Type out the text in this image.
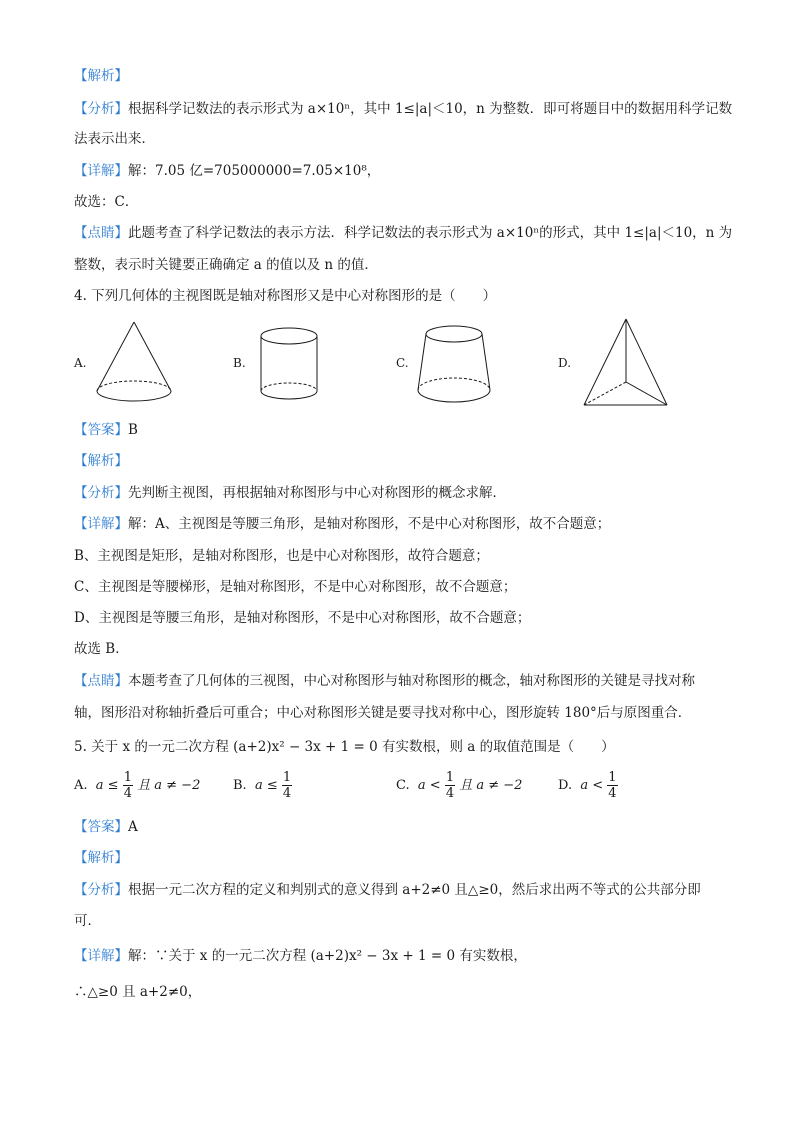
【解析】
【分析】根据科学记数法的表示形式为 a×10ⁿ，其中 1≤|a|＜10，n 为整数．即可将题目中的数据用科学记数
法表示出来．
【详解】解：7.05 亿=705000000=7.05×10⁸，
故选：C．
【点睛】此题考查了科学记数法的表示方法．科学记数法的表示形式为 a×10ⁿ的形式，其中 1≤|a|＜10，n 为
整数，表示时关键要正确确定 a 的值以及 n 的值．
4. 下列几何体的主视图既是轴对称图形又是中心对称图形的是（　　）
A.	B.	C.	D.
【答案】B
【解析】
【分析】先判断主视图，再根据轴对称图形与中心对称图形的概念求解．
【详解】解：A、主视图是等腰三角形，是轴对称图形，不是中心对称图形，故不合题意；
B、主视图是矩形，是轴对称图形，也是中心对称图形，故符合题意；
C、主视图是等腰梯形，是轴对称图形，不是中心对称图形，故不合题意；
D、主视图是等腰三角形，是轴对称图形，不是中心对称图形，故不合题意；
故选 B．
【点睛】本题考查了几何体的三视图，中心对称图形与轴对称图形的概念，轴对称图形的关键是寻找对称
轴，图形沿对称轴折叠后可重合；中心对称图形关键是要寻找对称中心，图形旋转 180°后与原图重合．
5. 关于 x 的一元二次方程 (a+2)x² − 3x + 1 = 0 有实数根，则 a 的取值范围是（　　）
A. $a \le \frac{1}{4}$ 且 a ≠ −2	B. $a \le \frac{1}{4}$	C. $a < \frac{1}{4}$ 且 a ≠ −2	D. $a < \frac{1}{4}$
【答案】A
【解析】
【分析】根据一元二次方程的定义和判别式的意义得到 a+2≠0 且△≥0，然后求出两不等式的公共部分即
可．
【详解】解：∵关于 x 的一元二次方程 (a+2)x² − 3x + 1 = 0 有实数根，
∴△≥0 且 a+2≠0，
